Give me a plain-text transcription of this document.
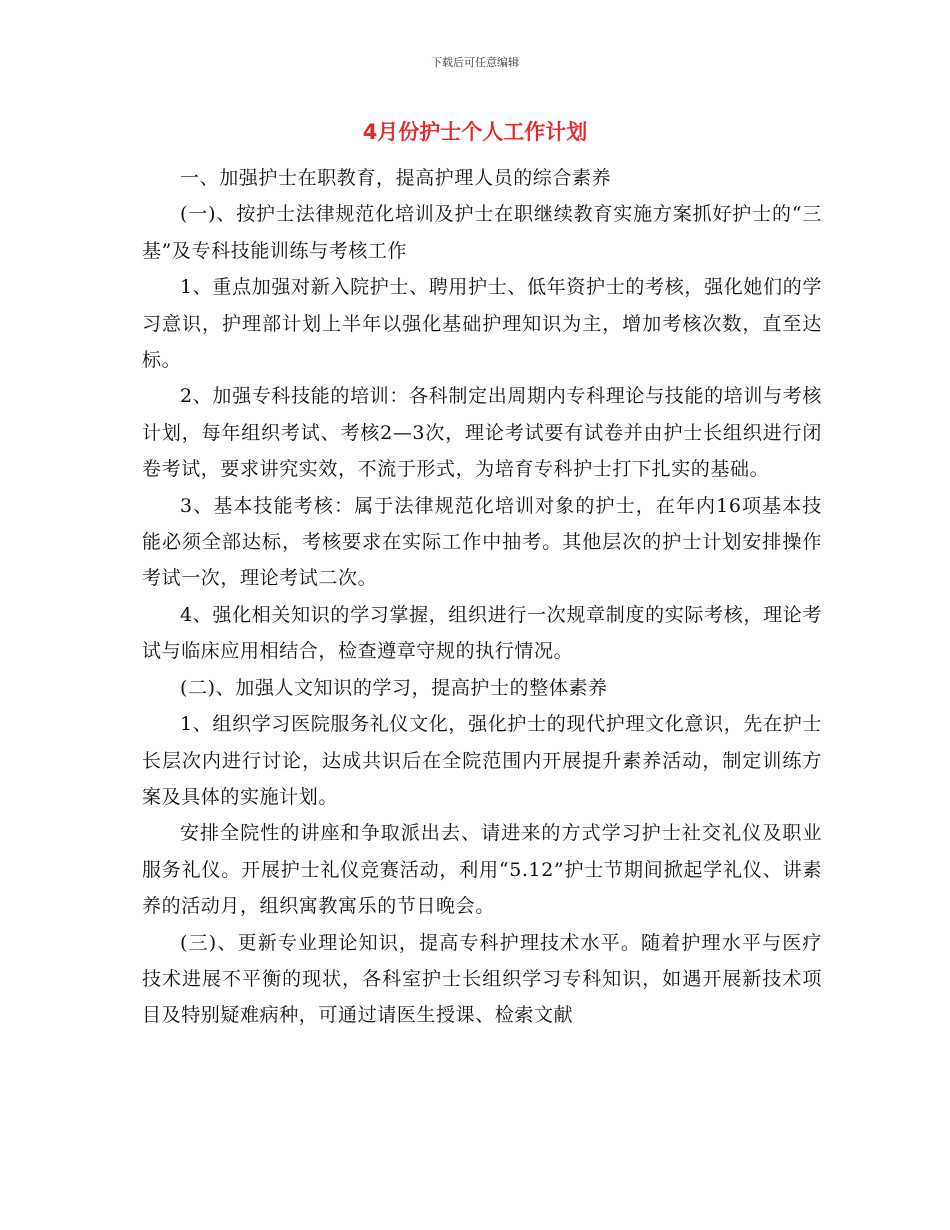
下载后可任意编辑
4月份护士个人工作计划

一、加强护士在职教育，提高护理人员的综合素养

(一)、按护士法律规范化培训及护士在职继续教育实施方案抓好护士的“三基”及专科技能训练与考核工作

1、重点加强对新入院护士、聘用护士、低年资护士的考核，强化她们的学习意识，护理部计划上半年以强化基础护理知识为主，增加考核次数，直至达标。

2、加强专科技能的培训：各科制定出周期内专科理论与技能的培训与考核计划，每年组织考试、考核2—3次，理论考试要有试卷并由护士长组织进行闭卷考试，要求讲究实效，不流于形式，为培育专科护士打下扎实的基础。

3、基本技能考核：属于法律规范化培训对象的护士，在年内16项基本技能必须全部达标，考核要求在实际工作中抽考。其他层次的护士计划安排操作考试一次，理论考试二次。

4、强化相关知识的学习掌握，组织进行一次规章制度的实际考核，理论考试与临床应用相结合，检查遵章守规的执行情况。

(二)、加强人文知识的学习，提高护士的整体素养

1、组织学习医院服务礼仪文化，强化护士的现代护理文化意识，先在护士长层次内进行讨论，达成共识后在全院范围内开展提升素养活动，制定训练方案及具体的实施计划。

安排全院性的讲座和争取派出去、请进来的方式学习护士社交礼仪及职业服务礼仪。开展护士礼仪竞赛活动，利用“5.12”护士节期间掀起学礼仪、讲素养的活动月，组织寓教寓乐的节日晚会。

(三)、更新专业理论知识，提高专科护理技术水平。随着护理水平与医疗技术进展不平衡的现状，各科室护士长组织学习专科知识，如遇开展新技术项目及特别疑难病种，可通过请医生授课、检索文献
